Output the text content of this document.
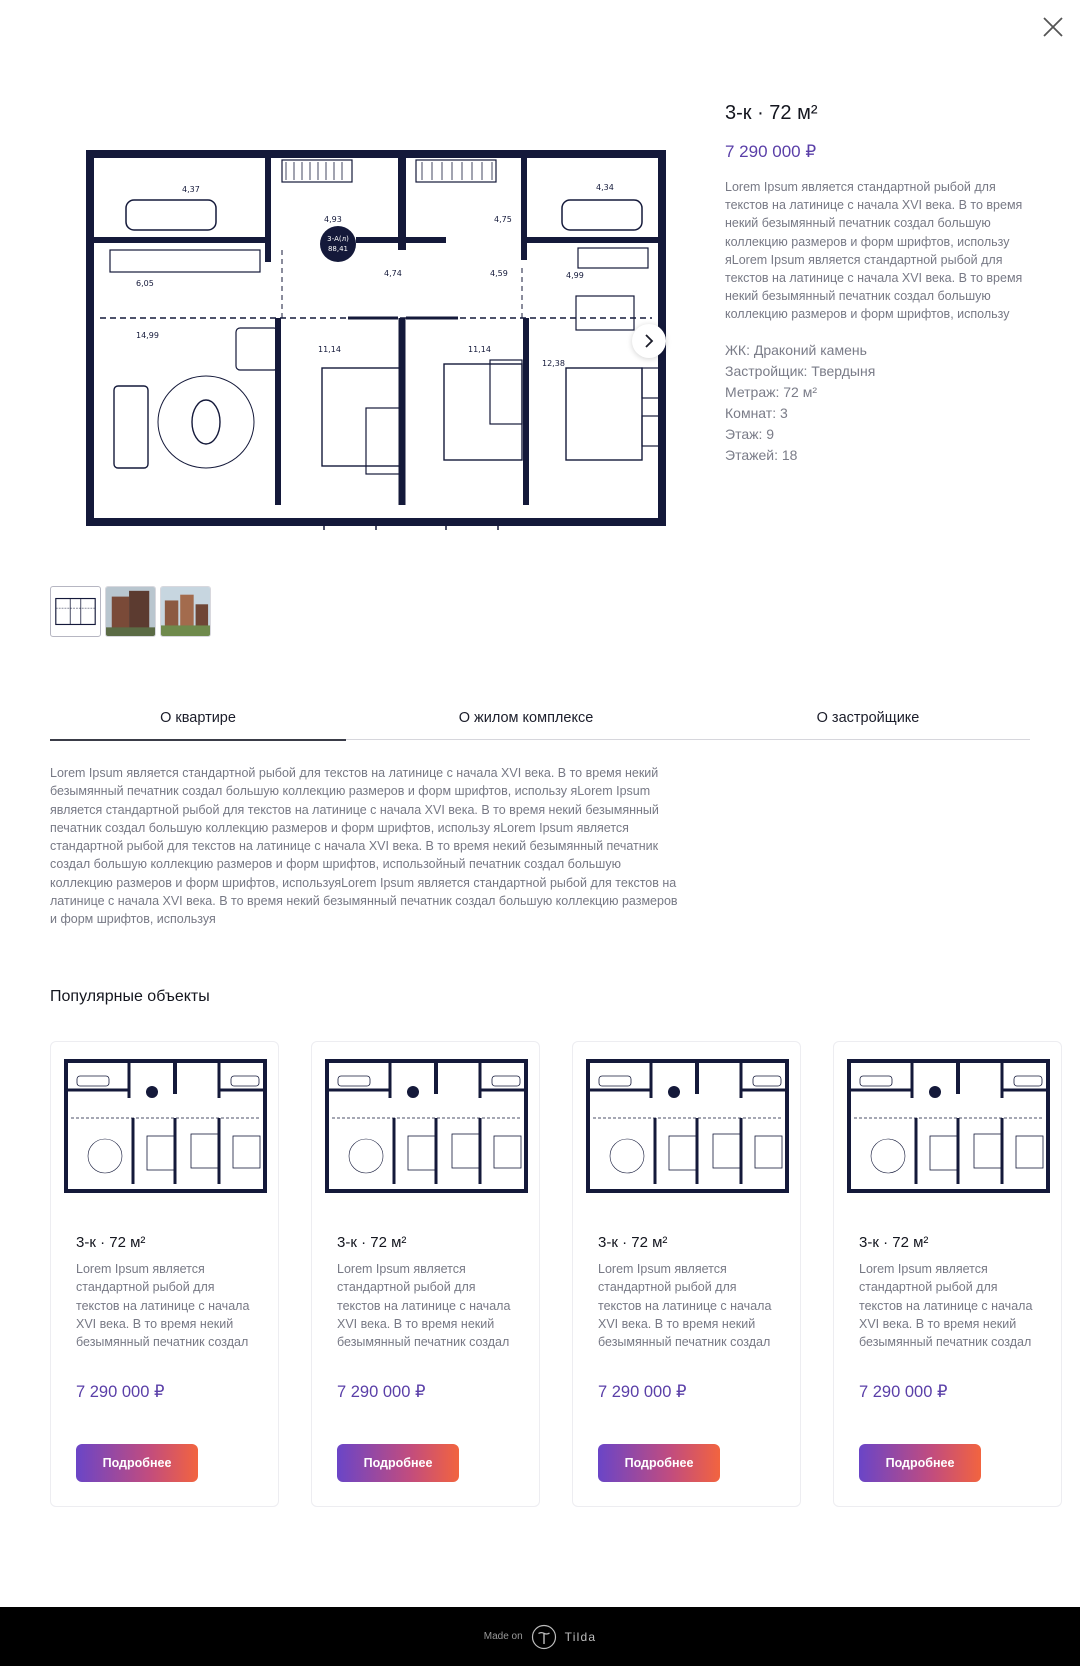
3-А(л)
88,41
4,37	4,34
4,93	4,75
6,05
4,74	4,59	4,99
14,99
11,14	11,14
12,38
3-к · 72 м²
7 290 000 ₽
Lorem Ipsum является стандартной рыбой для текстов на латинице с начала XVI века. В то время некий безымянный печатник создал большую коллекцию размеров и форм шрифтов, использу яLorem Ipsum является стандартной рыбой для текстов на латинице с начала XVI века. В то время некий безымянный печатник создал большую коллекцию размеров и форм шрифтов, использу
ЖК: Драконий камень
Застройщик: Твердыня
Метраж: 72 м²
Комнат: 3
Этаж: 9
Этажей: 18
О квартире	О жилом комплексе	О застройщике
Lorem Ipsum является стандартной рыбой для текстов на латинице с начала XVI века. В то время некий безымянный печатник создал большую коллекцию размеров и форм шрифтов, использу яLorem Ipsum является стандартной рыбой для текстов на латинице с начала XVI века. В то время некий безымянный печатник создал большую коллекцию размеров и форм шрифтов, использу яLorem Ipsum является стандартной рыбой для текстов на латинице с начала XVI века. В то время некий безымянный печатник создал большую коллекцию размеров и форм шрифтов, использойный печатник создал большую коллекцию размеров и форм шрифтов, используяLorem Ipsum является стандартной рыбой для текстов на латинице с начала XVI века. В то время некий безымянный печатник создал большую коллекцию размеров и форм шрифтов, используя
Популярные объекты
3-к · 72 м²
Lorem Ipsum является стандартной рыбой для текстов на латинице с начала XVI века. В то время некий безымянный печатник создал
7 290 000 ₽
Подробнее
3-к · 72 м²
Lorem Ipsum является стандартной рыбой для текстов на латинице с начала XVI века. В то время некий безымянный печатник создал
7 290 000 ₽
Подробнее
3-к · 72 м²
Lorem Ipsum является стандартной рыбой для текстов на латинице с начала XVI века. В то время некий безымянный печатник создал
7 290 000 ₽
Подробнее
3-к · 72 м²
Lorem Ipsum является стандартной рыбой для текстов на латинице с начала XVI века. В то время некий безымянный печатник создал
7 290 000 ₽
Подробнее
Made on	Tilda
